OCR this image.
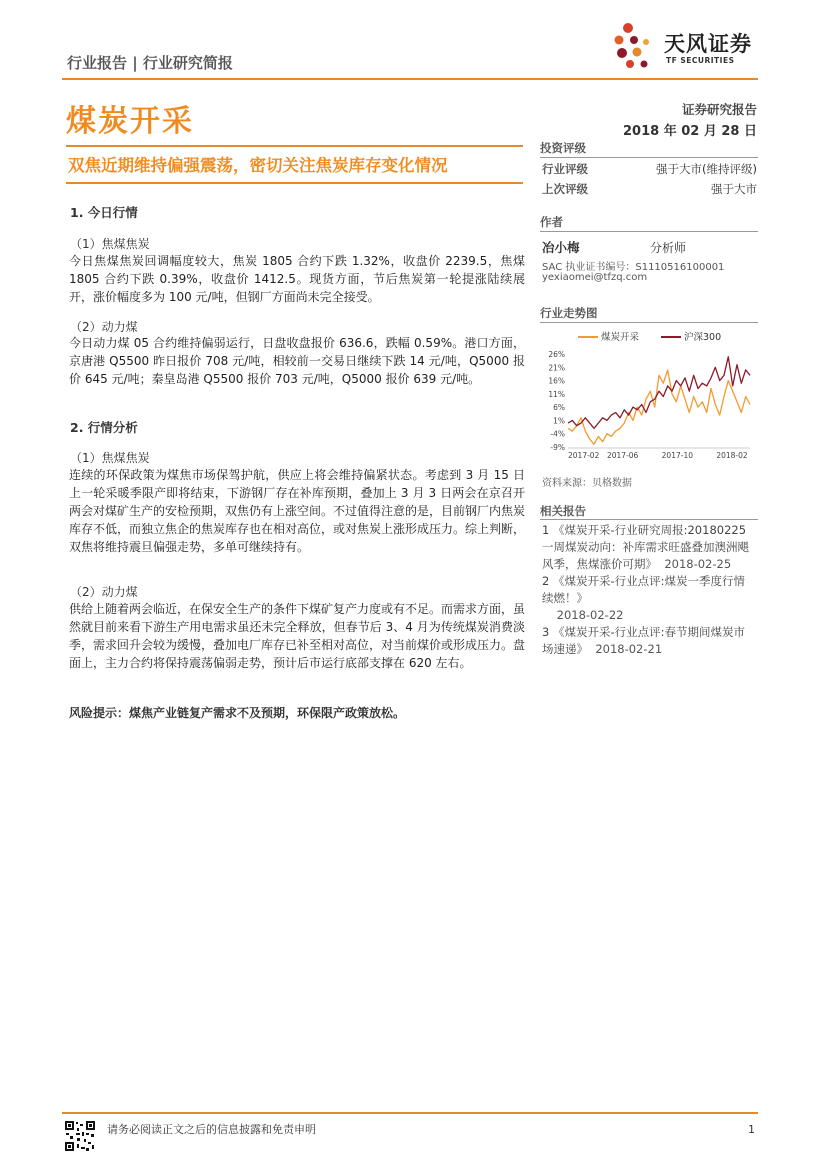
行业报告 | 行业研究简报
天风证券
TF SECURITIES
煤炭开采	证券研究报告
2018 年 02 月 28 日
双焦近期维持偏强震荡，密切关注焦炭库存变化情况
1. 今日行情
（1）焦煤焦炭

今日焦煤焦炭回调幅度较大，焦炭 1805 合约下跌 1.32%，收盘价 2239.5，焦煤 1805 合约下跌 0.39%，收盘价 1412.5。现货方面，节后焦炭第一轮提涨陆续展开，涨价幅度多为 100 元/吨，但钢厂方面尚未完全接受。

（2）动力煤

今日动力煤 05 合约维持偏弱运行，日盘收盘报价 636.6，跌幅 0.59%。港口方面，京唐港 Q5500 昨日报价 708 元/吨，相较前一交易日继续下跌 14 元/吨，Q5000 报价 645 元/吨；秦皇岛港 Q5500 报价 703 元/吨，Q5000 报价 639 元/吨。

2. 行情分析
（1）焦煤焦炭

连续的环保政策为煤焦市场保驾护航，供应上将会维持偏紧状态。考虑到 3 月 15 日上一轮采暖季限产即将结束，下游钢厂存在补库预期，叠加上 3 月 3 日两会在京召开两会对煤矿生产的安检预期，双焦仍有上涨空间。不过值得注意的是，目前钢厂内焦炭库存不低，而独立焦企的焦炭库存也在相对高位，或对焦炭上涨形成压力。综上判断，双焦将维持震旦偏强走势，多单可继续持有。

（2）动力煤

供给上随着两会临近，在保安全生产的条件下煤矿复产力度或有不足。而需求方面，虽然就目前来看下游生产用电需求虽还未完全释放，但春节后 3、4 月为传统煤炭消费淡季，需求回升会较为缓慢，叠加电厂库存已补至相对高位，对当前煤价或形成压力。盘面上，主力合约将保持震荡偏弱走势，预计后市运行底部支撑在 620 左右。

风险提示：煤焦产业链复产需求不及预期，环保限产政策放松。
投资评级
行业评级	强于大市(维持评级)
上次评级	强于大市
作者
冶小梅	分析师
SAC 执业证书编号：S1110516100001
yexiaomei@tfzq.com
行业走势图
煤炭开采	沪深300
-9%
-4%
1%
6%
11%
16%
21%
26%
2017-02 2017-06	2017-10	2018-02
资料来源：贝格数据
相关报告

1 《煤炭开采-行业研究周报:20180225 一周煤炭动向：补库需求旺盛叠加澳洲飓风季，焦煤涨价可期》 2018-02-25

2 《煤炭开采-行业点评:煤炭一季度行情续燃！》
2018-02-22

3 《煤炭开采-行业点评:春节期间煤炭市场速递》 2018-02-21

请务必阅读正文之后的信息披露和免责申明	1
